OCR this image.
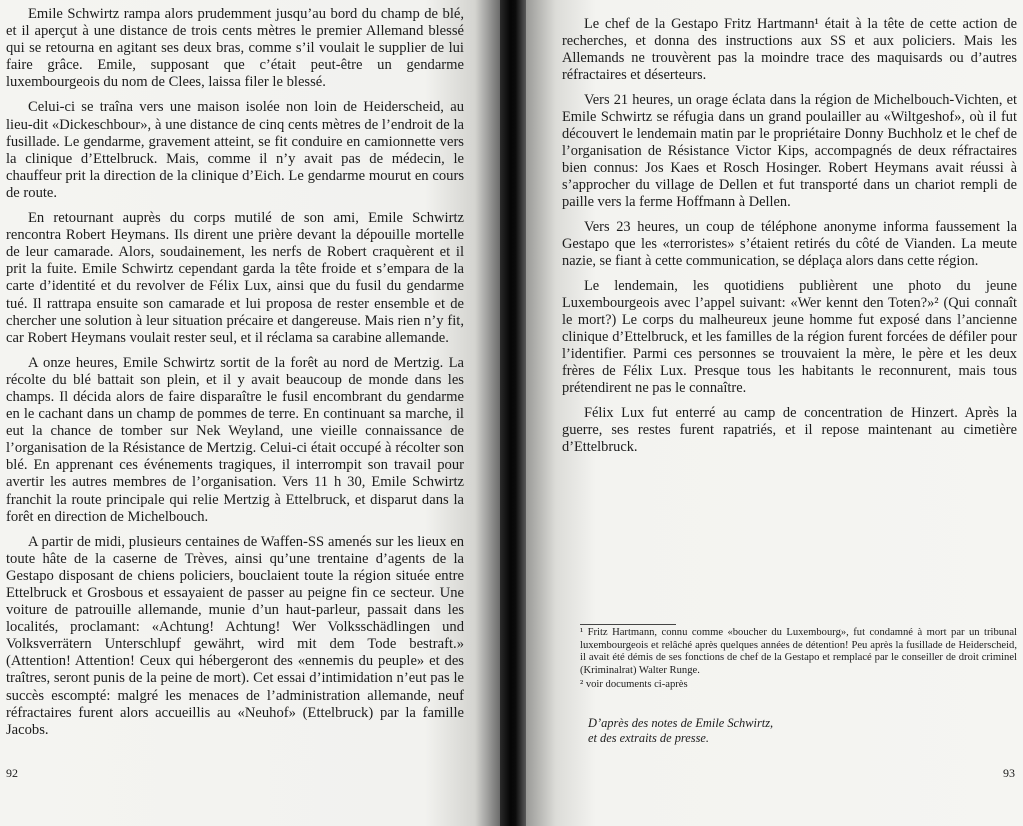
Emile Schwirtz rampa alors prudemment jusqu’au bord du champ de blé, et il aperçut à une distance de trois cents mètres le premier Allemand blessé qui se retourna en agitant ses deux bras, comme s’il voulait le supplier de lui faire grâce. Emile, supposant que c’était peut-être un gendarme luxembourgeois du nom de Clees, laissa filer le blessé.

Celui-ci se traîna vers une maison isolée non loin de Heiderscheid, au lieu-dit «Dickeschbour», à une distance de cinq cents mètres de l’endroit de la fusillade. Le gendarme, gravement atteint, se fit conduire en camionnette vers la clinique d’Ettelbruck. Mais, comme il n’y avait pas de médecin, le chauffeur prit la direction de la clinique d’Eich. Le gendarme mourut en cours de route.

En retournant auprès du corps mutilé de son ami, Emile Schwirtz rencontra Robert Heymans. Ils dirent une prière devant la dépouille mortelle de leur camarade. Alors, soudainement, les nerfs de Robert craquèrent et il prit la fuite. Emile Schwirtz cependant garda la tête froide et s’empara de la carte d’identité et du revolver de Félix Lux, ainsi que du fusil du gendarme tué. Il rattrapa ensuite son camarade et lui proposa de rester ensemble et de chercher une solution à leur situation précaire et dangereuse. Mais rien n’y fit, car Robert Heymans voulait rester seul, et il réclama sa carabine allemande.

A onze heures, Emile Schwirtz sortit de la forêt au nord de Mertzig. La récolte du blé battait son plein, et il y avait beaucoup de monde dans les champs. Il décida alors de faire disparaître le fusil encombrant du gendarme en le cachant dans un champ de pommes de terre. En continuant sa marche, il eut la chance de tomber sur Nek Weyland, une vieille connaissance de l’organisation de la Résistance de Mertzig. Celui-ci était occupé à récolter son blé. En apprenant ces événements tragiques, il interrompit son travail pour avertir les autres membres de l’organisation. Vers 11 h 30, Emile Schwirtz franchit la route principale qui relie Mertzig à Ettelbruck, et disparut dans la forêt en direction de Michelbouch.

A partir de midi, plusieurs centaines de Waffen-SS amenés sur les lieux en toute hâte de la caserne de Trèves, ainsi qu’une trentaine d’agents de la Gestapo disposant de chiens policiers, bouclaient toute la région située entre Ettelbruck et Grosbous et essayaient de passer au peigne fin ce secteur. Une voiture de patrouille allemande, munie d’un haut-parleur, passait dans les localités, proclamant: «Achtung! Achtung! Wer Volksschädlingen und Volksverrätern Unterschlupf gewährt, wird mit dem Tode bestraft.» (Attention! Attention! Ceux qui hébergeront des «ennemis du peuple» et des traîtres, seront punis de la peine de mort). Cet essai d’intimidation n’eut pas le succès escompté: malgré les menaces de l’administration allemande, neuf réfractaires furent alors accueillis au «Neuhof» (Ettelbruck) par la famille Jacobs.

92

Le chef de la Gestapo Fritz Hartmann¹ était à la tête de cette action de recherches, et donna des instructions aux SS et aux policiers. Mais les Allemands ne trouvèrent pas la moindre trace des maquisards ou d’autres réfractaires et déserteurs.

Vers 21 heures, un orage éclata dans la région de Michelbouch-Vichten, et Emile Schwirtz se réfugia dans un grand poulailler au «Wiltgeshof», où il fut découvert le lendemain matin par le propriétaire Donny Buchholz et le chef de l’organisation de Résistance Victor Kips, accompagnés de deux réfractaires bien connus: Jos Kaes et Rosch Hosinger. Robert Heymans avait réussi à s’approcher du village de Dellen et fut transporté dans un chariot rempli de paille vers la ferme Hoffmann à Dellen.

Vers 23 heures, un coup de téléphone anonyme informa faussement la Gestapo que les «terroristes» s’étaient retirés du côté de Vianden. La meute nazie, se fiant à cette communication, se déplaça alors dans cette région.

Le lendemain, les quotidiens publièrent une photo du jeune Luxembourgeois avec l’appel suivant: «Wer kennt den Toten?»² (Qui connaît le mort?) Le corps du malheureux jeune homme fut exposé dans l’ancienne clinique d’Ettelbruck, et les familles de la région furent forcées de défiler pour l’identifier. Parmi ces personnes se trouvaient la mère, le père et les deux frères de Félix Lux. Presque tous les habitants le reconnurent, mais tous prétendirent ne pas le connaître.

Félix Lux fut enterré au camp de concentration de Hinzert. Après la guerre, ses restes furent rapatriés, et il repose maintenant au cimetière d’Ettelbruck.

¹ Fritz Hartmann, connu comme «boucher du Luxembourg», fut condamné à mort par un tribunal luxembourgeois et relâché après quelques années de détention! Peu après la fusillade de Heiderscheid, il avait été démis de ses fonctions de chef de la Gestapo et remplacé par le conseiller de droit criminel (Kriminalrat) Walter Runge.

² voir documents ci-après

D’après des notes de Emile Schwirtz,
et des extraits de presse.
93
